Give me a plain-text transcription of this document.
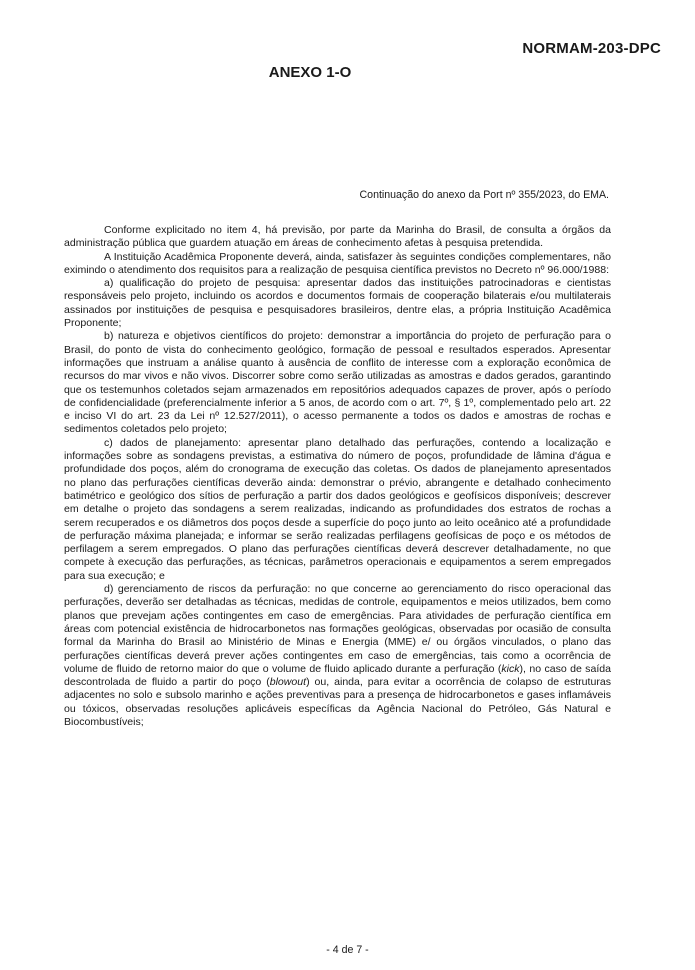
NORMAM-203-DPC
ANEXO 1-O
Continuação do anexo da Port nº 355/2023, do EMA.

Conforme explicitado no item 4, há previsão, por parte da Marinha do Brasil, de consulta a órgãos da administração pública que guardem atuação em áreas de conhecimento afetas à pesquisa pretendida.

A Instituição Acadêmica Proponente deverá, ainda, satisfazer às seguintes condições complementares, não eximindo o atendimento dos requisitos para a realização de pesquisa científica previstos no Decreto nº 96.000/1988:

a) qualificação do projeto de pesquisa: apresentar dados das instituições patrocinadoras e cientistas responsáveis pelo projeto, incluindo os acordos e documentos formais de cooperação bilaterais e/ou multilaterais assinados por instituições de pesquisa e pesquisadores brasileiros, dentre elas, a própria Instituição Acadêmica Proponente;

b) natureza e objetivos científicos do projeto: demonstrar a importância do projeto de perfuração para o Brasil, do ponto de vista do conhecimento geológico, formação de pessoal e resultados esperados. Apresentar informações que instruam a análise quanto à ausência de conflito de interesse com a exploração econômica de recursos do mar vivos e não vivos. Discorrer sobre como serão utilizadas as amostras e dados gerados, garantindo que os testemunhos coletados sejam armazenados em repositórios adequados capazes de prover, após o período de confidencialidade (preferencialmente inferior a 5 anos, de acordo com o art. 7º, § 1º, complementado pelo art. 22 e inciso VI do art. 23 da Lei nº 12.527/2011), o acesso permanente a todos os dados e amostras de rochas e sedimentos coletados pelo projeto;

c) dados de planejamento: apresentar plano detalhado das perfurações, contendo a localização e informações sobre as sondagens previstas, a estimativa do número de poços, profundidade de lâmina d'água e profundidade dos poços, além do cronograma de execução das coletas. Os dados de planejamento apresentados no plano das perfurações científicas deverão ainda: demonstrar o prévio, abrangente e detalhado conhecimento batimétrico e geológico dos sítios de perfuração a partir dos dados geológicos e geofísicos disponíveis; descrever em detalhe o projeto das sondagens a serem realizadas, indicando as profundidades dos estratos de rochas a serem recuperados e os diâmetros dos poços desde a superfície do poço junto ao leito oceânico até a profundidade de perfuração máxima planejada; e informar se serão realizadas perfilagens geofísicas de poço e os métodos de perfilagem a serem empregados. O plano das perfurações científicas deverá descrever detalhadamente, no que compete à execução das perfurações, as técnicas, parâmetros operacionais e equipamentos a serem empregados para sua execução; e

d) gerenciamento de riscos da perfuração: no que concerne ao gerenciamento do risco operacional das perfurações, deverão ser detalhadas as técnicas, medidas de controle, equipamentos e meios utilizados, bem como planos que prevejam ações contingentes em caso de emergências. Para atividades de perfuração científica em áreas com potencial existência de hidrocarbonetos nas formações geológicas, observadas por ocasião de consulta formal da Marinha do Brasil ao Ministério de Minas e Energia (MME) e/ ou órgãos vinculados, o plano das perfurações científicas deverá prever ações contingentes em caso de emergências, tais como a ocorrência de volume de fluido de retorno maior do que o volume de fluido aplicado durante a perfuração (kick), no caso de saída descontrolada de fluido a partir do poço (blowout) ou, ainda, para evitar a ocorrência de colapso de estruturas adjacentes no solo e subsolo marinho e ações preventivas para a presença de hidrocarbonetos e gases inflamáveis ou tóxicos, observadas resoluções aplicáveis específicas da Agência Nacional do Petróleo, Gás Natural e Biocombustíveis;

- 4 de 7 -
